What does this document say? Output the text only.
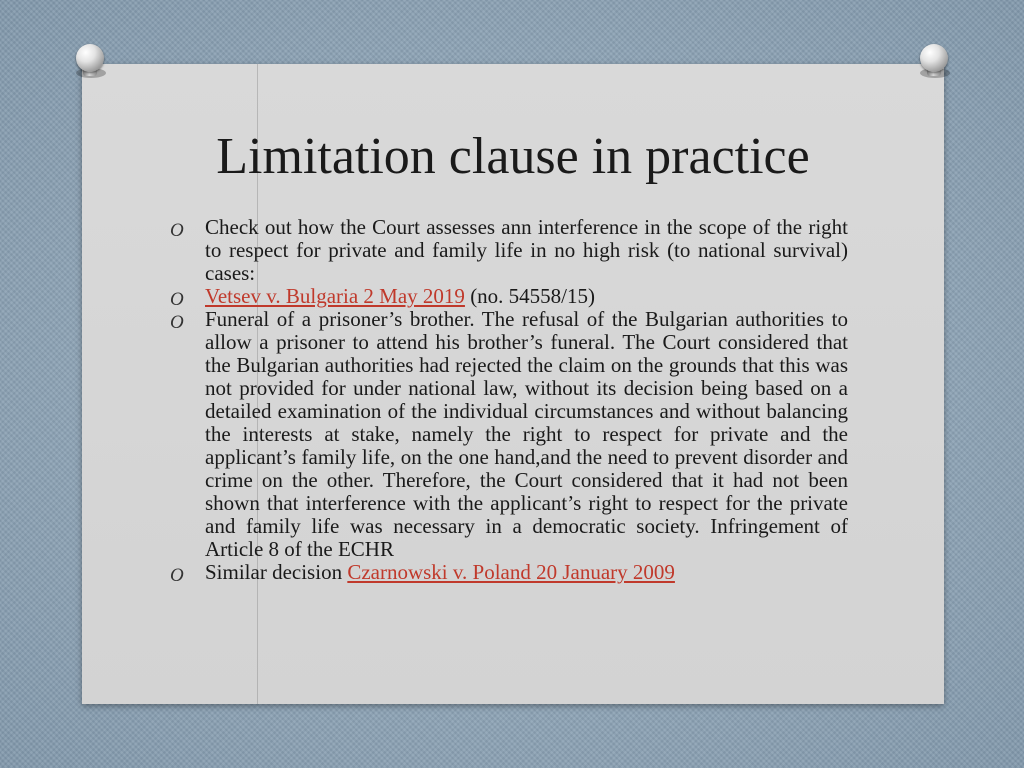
Limitation clause in practice
O Check out how the Court assesses ann interference in the scope of the right to respect for private and family life in no high risk (to national survival) cases:
O Vetsev v. Bulgaria 2 May 2019 (no. 54558/15)
O Funeral of a prisoner’s brother. The refusal of the Bulgarian authorities to allow a prisoner to attend his brother’s funeral. The Court considered that the Bulgarian authorities had rejected the claim on the grounds that this was not provided for under national law, without its decision being based on a detailed examination of the individual circumstances and without balancing the interests at stake, namely the right to respect for private and the applicant’s family life, on the one hand,and the need to prevent disorder and crime on the other. Therefore, the Court considered that it had not been shown that interference with the applicant’s right to respect for the private and family life was necessary in a democratic society. Infringement of Article 8 of the ECHR
O Similar decision Czarnowski v. Poland 20 January 2009
